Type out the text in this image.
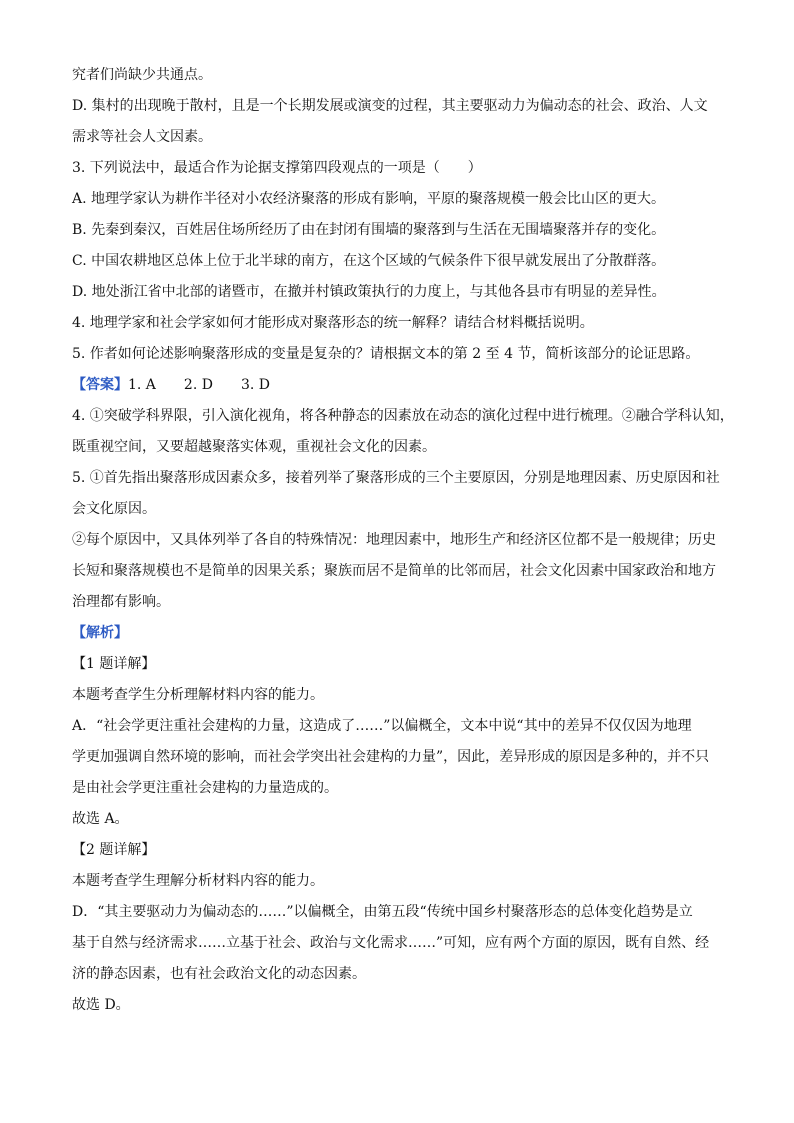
究者们尚缺少共通点。
D. 集村的出现晚于散村，且是一个长期发展或演变的过程，其主要驱动力为偏动态的社会、政治、人文
需求等社会人文因素。
3. 下列说法中，最适合作为论据支撑第四段观点的一项是（　　）
A. 地理学家认为耕作半径对小农经济聚落的形成有影响，平原的聚落规模一般会比山区的更大。
B. 先秦到秦汉，百姓居住场所经历了由在封闭有围墙的聚落到与生活在无围墙聚落并存的变化。
C. 中国农耕地区总体上位于北半球的南方，在这个区域的气候条件下很早就发展出了分散群落。
D. 地处浙江省中北部的诸暨市，在撤并村镇政策执行的力度上，与其他各县市有明显的差异性。
4. 地理学家和社会学家如何才能形成对聚落形态的统一解释？请结合材料概括说明。
5. 作者如何论述影响聚落形成的变量是复杂的？请根据文本的第 2 至 4 节，简析该部分的论证思路。
【答案】1. A　　2. D　　3. D
4. ①突破学科界限，引入演化视角，将各种静态的因素放在动态的演化过程中进行梳理。②融合学科认知，
既重视空间，又要超越聚落实体观，重视社会文化的因素。
5. ①首先指出聚落形成因素众多，接着列举了聚落形成的三个主要原因，分别是地理因素、历史原因和社
会文化原因。
②每个原因中，又具体列举了各自的特殊情况：地理因素中，地形生产和经济区位都不是一般规律；历史
长短和聚落规模也不是简单的因果关系；聚族而居不是简单的比邻而居，社会文化因素中国家政治和地方
治理都有影响。
【解析】
【1 题详解】
本题考查学生分析理解材料内容的能力。
A．“社会学更注重社会建构的力量，这造成了……”以偏概全，文本中说“其中的差异不仅仅因为地理
学更加强调自然环境的影响，而社会学突出社会建构的力量”，因此，差异形成的原因是多种的，并不只
是由社会学更注重社会建构的力量造成的。
故选 A。
【2 题详解】
本题考查学生理解分析材料内容的能力。
D．“其主要驱动力为偏动态的……”以偏概全，由第五段“传统中国乡村聚落形态的总体变化趋势是立
基于自然与经济需求……立基于社会、政治与文化需求……”可知，应有两个方面的原因，既有自然、经
济的静态因素，也有社会政治文化的动态因素。
故选 D。
